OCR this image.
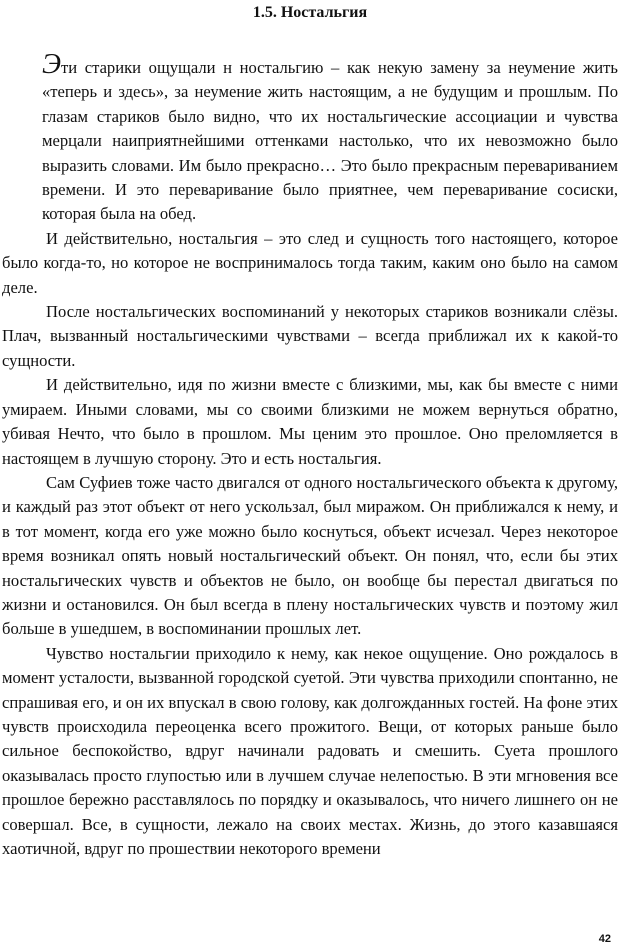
1.5. Ностальгия

Эти старики ощущали н ностальгию – как некую замену за неумение жить «теперь и здесь», за неумение жить настоящим, а не будущим и прошлым. По глазам стариков было видно, что их ностальгические ассоциации и чувства мерцали наиприятнейшими оттенками настолько, что их невозможно было выразить словами. Им было прекрасно… Это было прекрасным перевариванием времени. И это переваривание было приятнее, чем переваривание сосиски, которая была на обед.

И действительно, ностальгия – это след и сущность того настоящего, которое было когда-то, но которое не воспринималось тогда таким, каким оно было на самом деле.

После ностальгических воспоминаний у некоторых стариков возникали слёзы. Плач, вызванный ностальгическими чувствами – всегда приближал их к какой-то сущности.

И действительно, идя по жизни вместе с близкими, мы, как бы вместе с ними умираем. Иными словами, мы со своими близкими не можем вернуться обратно, убивая Нечто, что было в прошлом. Мы ценим это прошлое. Оно преломляется в настоящем в лучшую сторону. Это и есть ностальгия.

Сам Суфиев тоже часто двигался от одного ностальгического объекта к другому, и каждый раз этот объект от него ускользал, был миражом. Он приближался к нему, и в тот момент, когда его уже можно было коснуться, объект исчезал. Через некоторое время возникал опять новый ностальгический объект. Он понял, что, если бы этих ностальгических чувств и объектов не было, он вообще бы перестал двигаться по жизни и остановился. Он был всегда в плену ностальгических чувств и поэтому жил больше в ушедшем, в воспоминании прошлых лет.

Чувство ностальгии приходило к нему, как некое ощущение. Оно рождалось в момент усталости, вызванной городской суетой. Эти чувства приходили спонтанно, не спрашивая его, и он их впускал в свою голову, как долгожданных гостей. На фоне этих чувств происходила переоценка всего прожитого. Вещи, от которых раньше было сильное беспокойство, вдруг начинали радовать и смешить. Суета прошлого оказывалась просто глупостью или в лучшем случае нелепостью. В эти мгновения все прошлое бережно расставлялось по порядку и оказывалось, что ничего лишнего он не совершал. Все, в сущности, лежало на своих местах. Жизнь, до этого казавшаяся хаотичной, вдруг по прошествии некоторого времени

42
